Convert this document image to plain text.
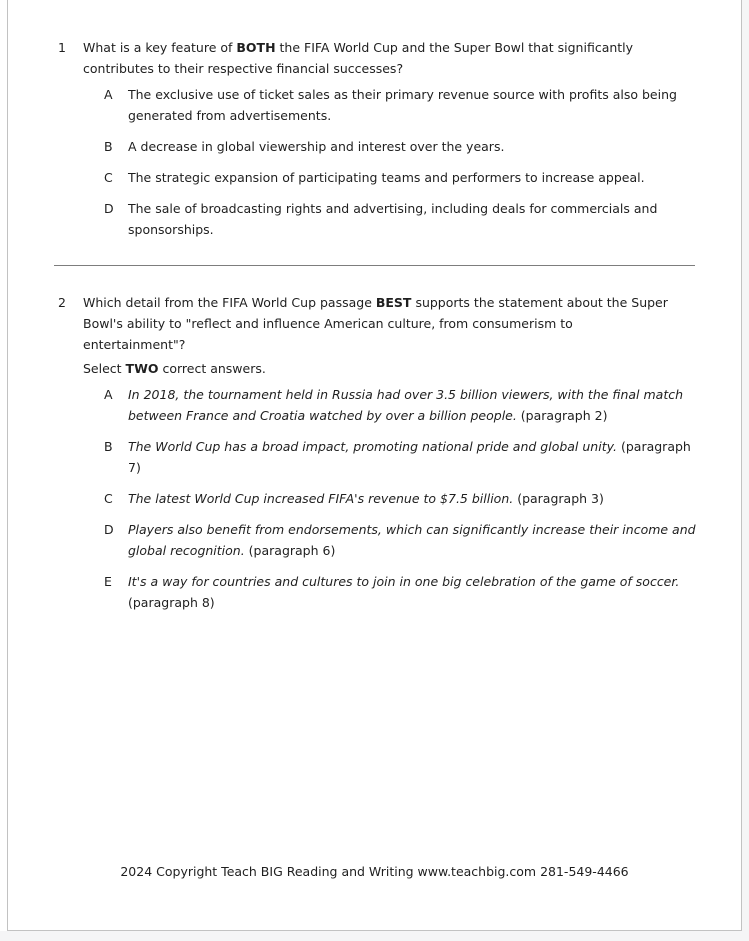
1	What is a key feature of BOTH the FIFA World Cup and the Super Bowl that significantly contributes to their respective financial successes?
A	The exclusive use of ticket sales as their primary revenue source with profits also being generated from advertisements.
B	A decrease in global viewership and interest over the years.
C	The strategic expansion of participating teams and performers to increase appeal.
D	The sale of broadcasting rights and advertising, including deals for commercials and sponsorships.
2	Which detail from the FIFA World Cup passage BEST supports the statement about the Super Bowl's ability to "reflect and influence American culture, from consumerism to entertainment"?
Select TWO correct answers.
A	In 2018, the tournament held in Russia had over 3.5 billion viewers, with the final match between France and Croatia watched by over a billion people. (paragraph 2)
B	The World Cup has a broad impact, promoting national pride and global unity. (paragraph 7)
C	The latest World Cup increased FIFA's revenue to $7.5 billion. (paragraph 3)
D	Players also benefit from endorsements, which can significantly increase their income and global recognition. (paragraph 6)
E	It's a way for countries and cultures to join in one big celebration of the game of soccer. (paragraph 8)
2024 Copyright Teach BIG Reading and Writing www.teachbig.com 281-549-4466
